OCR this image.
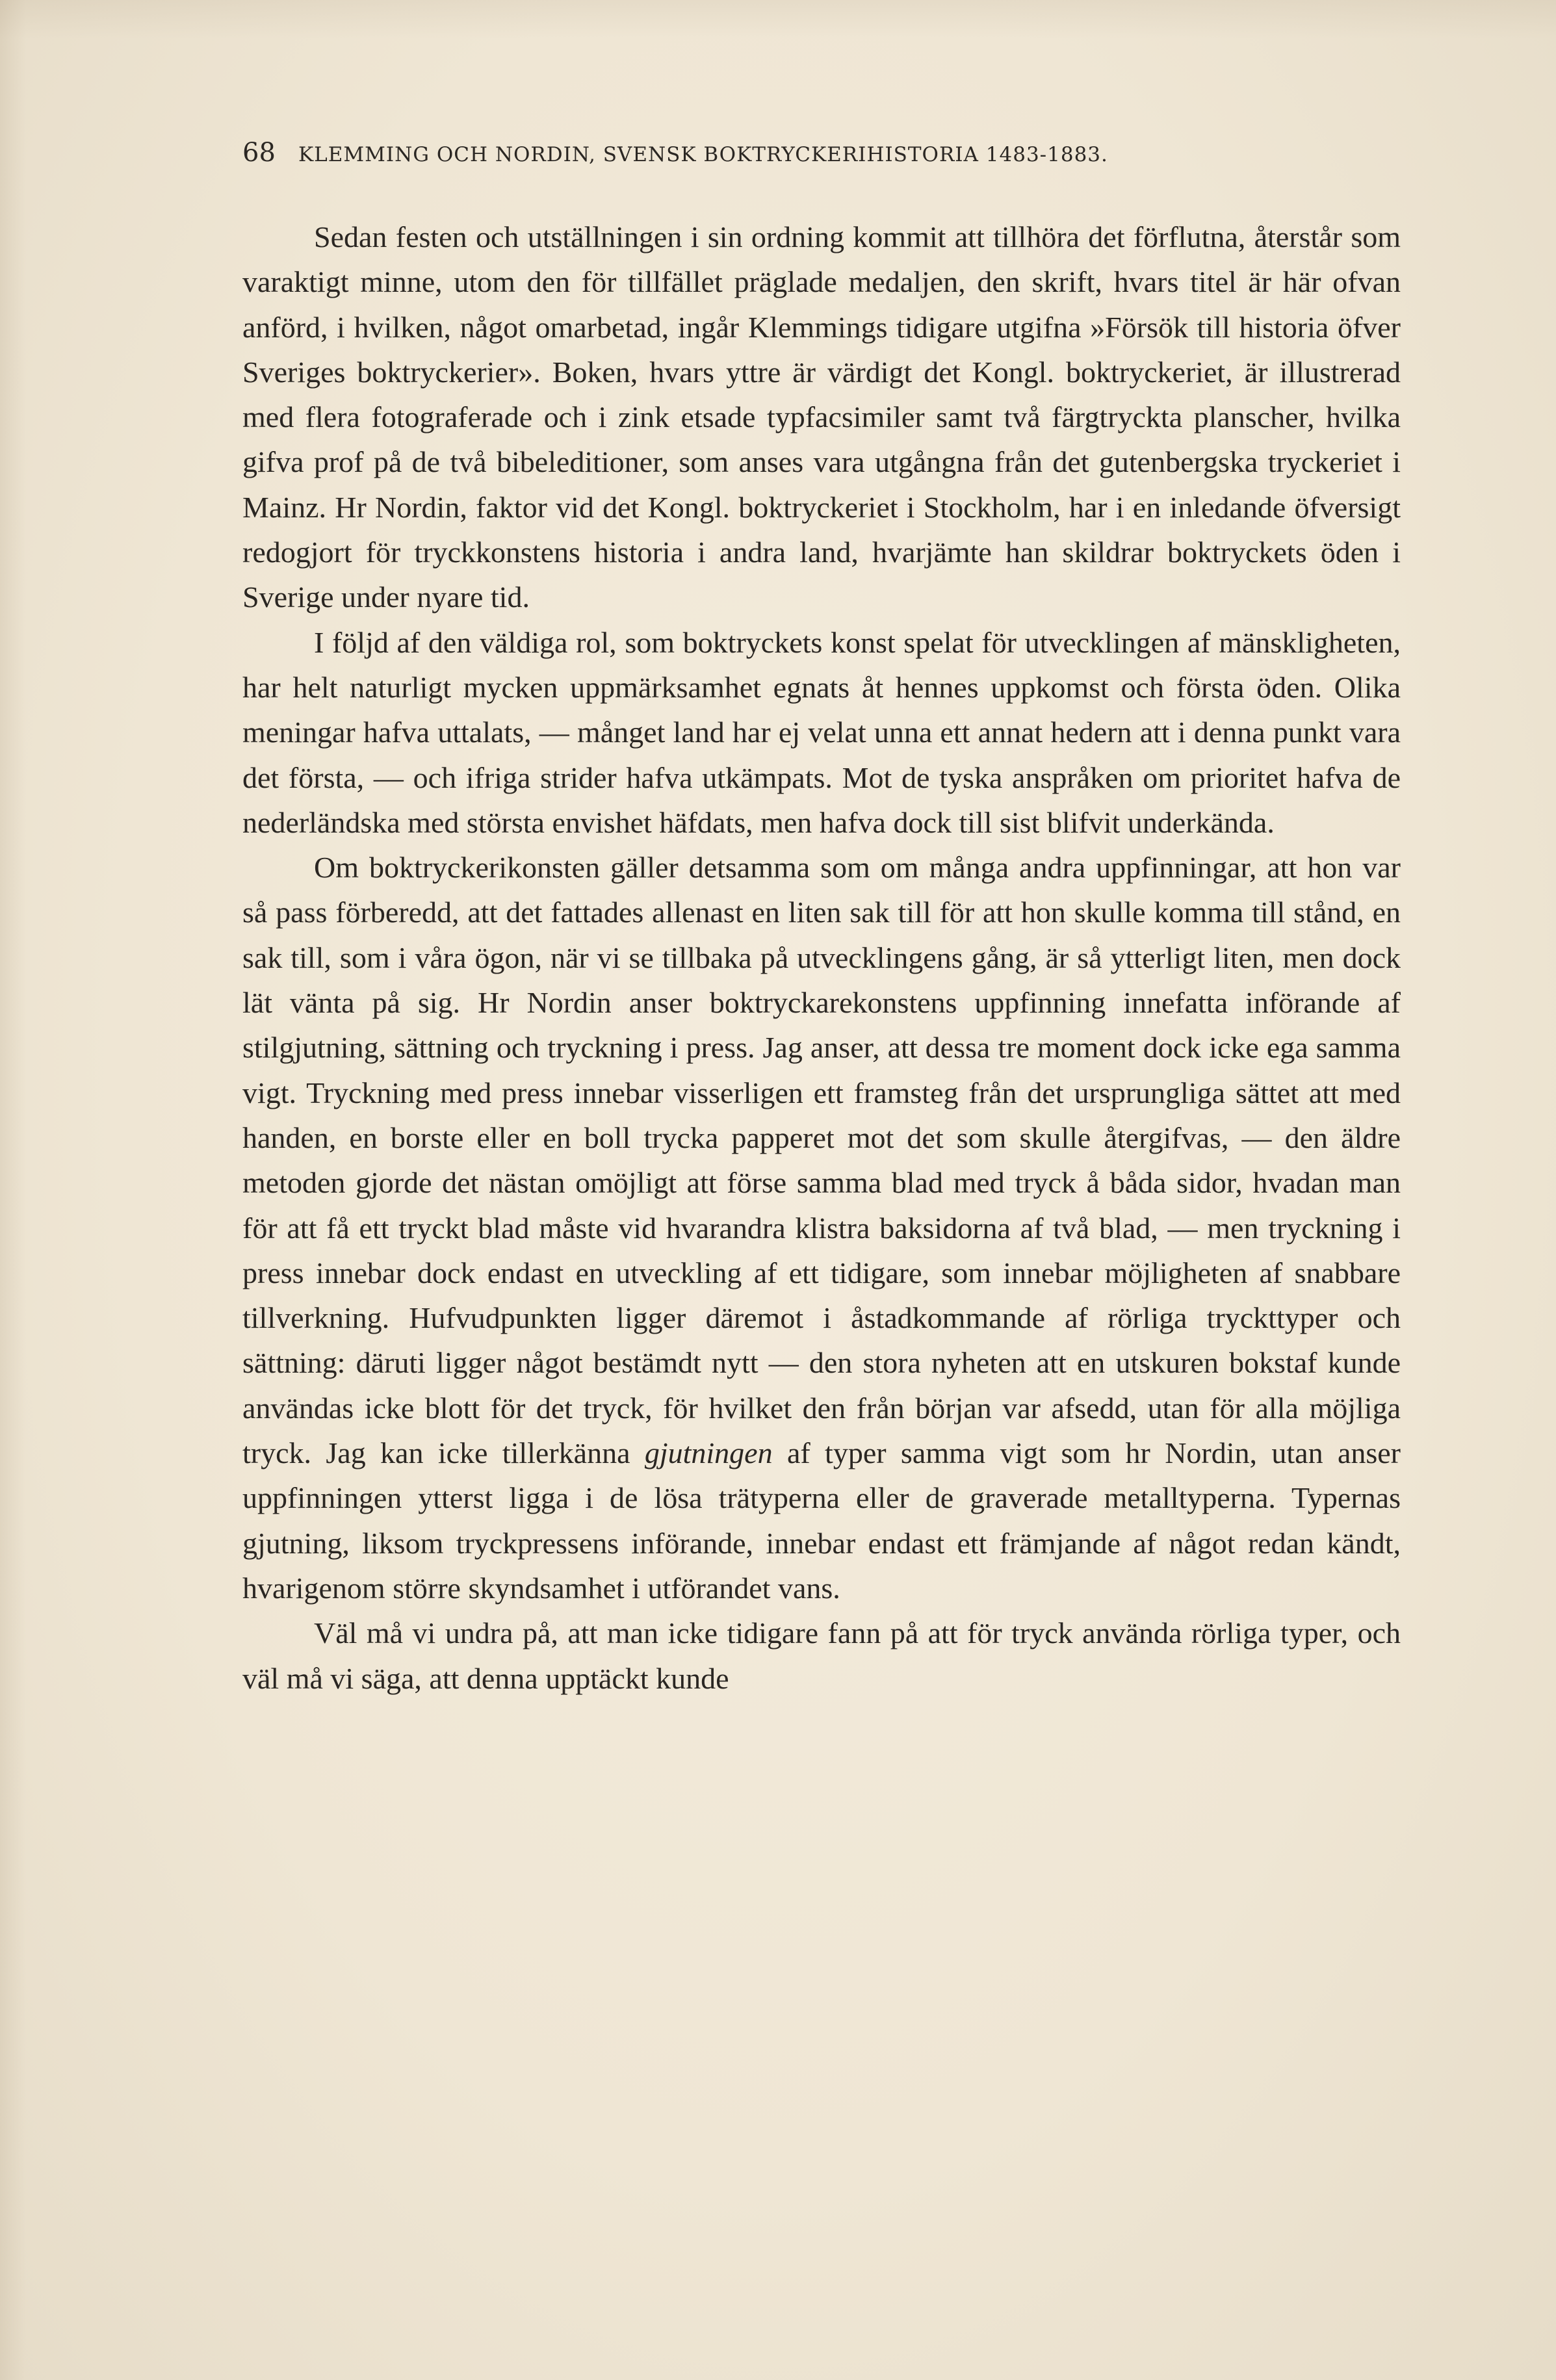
68 KLEMMING OCH NORDIN, SVENSK BOKTRYCKERIHISTORIA 1483-1883.

Sedan festen och utställningen i sin ordning kommit att tillhöra det förflutna, återstår som varaktigt minne, utom den för tillfället präglade medaljen, den skrift, hvars titel är här ofvan anförd, i hvilken, något omarbetad, ingår Klemmings tidigare utgifna »Försök till historia öfver Sveriges boktryckerier». Boken, hvars yttre är värdigt det Kongl. boktryckeriet, är illustrerad med flera fotograferade och i zink etsade typfacsimiler samt två färgtryckta planscher, hvilka gifva prof på de två bibeleditioner, som anses vara utgångna från det gutenbergska tryckeriet i Mainz. Hr Nordin, faktor vid det Kongl. boktryckeriet i Stockholm, har i en inledande öfversigt redogjort för tryckkonstens historia i andra land, hvarjämte han skildrar boktryckets öden i Sverige under nyare tid.

I följd af den väldiga rol, som boktryckets konst spelat för utvecklingen af mänskligheten, har helt naturligt mycken uppmärksamhet egnats åt hennes uppkomst och första öden. Olika meningar hafva uttalats, — månget land har ej velat unna ett annat hedern att i denna punkt vara det första, — och ifriga strider hafva utkämpats. Mot de tyska anspråken om prioritet hafva de nederländska med största envishet häfdats, men hafva dock till sist blifvit underkända.

Om boktryckerikonsten gäller detsamma som om många andra uppfinningar, att hon var så pass förberedd, att det fattades allenast en liten sak till för att hon skulle komma till stånd, en sak till, som i våra ögon, när vi se tillbaka på utvecklingens gång, är så ytterligt liten, men dock lät vänta på sig. Hr Nordin anser boktryckarekonstens uppfinning innefatta införande af stilgjutning, sättning och tryckning i press. Jag anser, att dessa tre moment dock icke ega samma vigt. Tryckning med press innebar visserligen ett framsteg från det ursprungliga sättet att med handen, en borste eller en boll trycka papperet mot det som skulle återgifvas, — den äldre metoden gjorde det nästan omöjligt att förse samma blad med tryck å båda sidor, hvadan man för att få ett tryckt blad måste vid hvarandra klistra baksidorna af två blad, — men tryckning i press innebar dock endast en utveckling af ett tidigare, som innebar möjligheten af snabbare tillverkning. Hufvudpunkten ligger däremot i åstadkommande af rörliga tryckttyper och sättning: däruti ligger något bestämdt nytt — den stora nyheten att en utskuren bokstaf kunde användas icke blott för det tryck, för hvilket den från början var afsedd, utan för alla möjliga tryck. Jag kan icke tillerkänna gjutningen af typer samma vigt som hr Nordin, utan anser uppfinningen ytterst ligga i de lösa trätyperna eller de graverade metalltyperna. Typernas gjutning, liksom tryckpressens införande, innebar endast ett främjande af något redan kändt, hvarigenom större skyndsamhet i utförandet vans.

Väl må vi undra på, att man icke tidigare fann på att för tryck använda rörliga typer, och väl må vi säga, att denna upptäckt kunde
